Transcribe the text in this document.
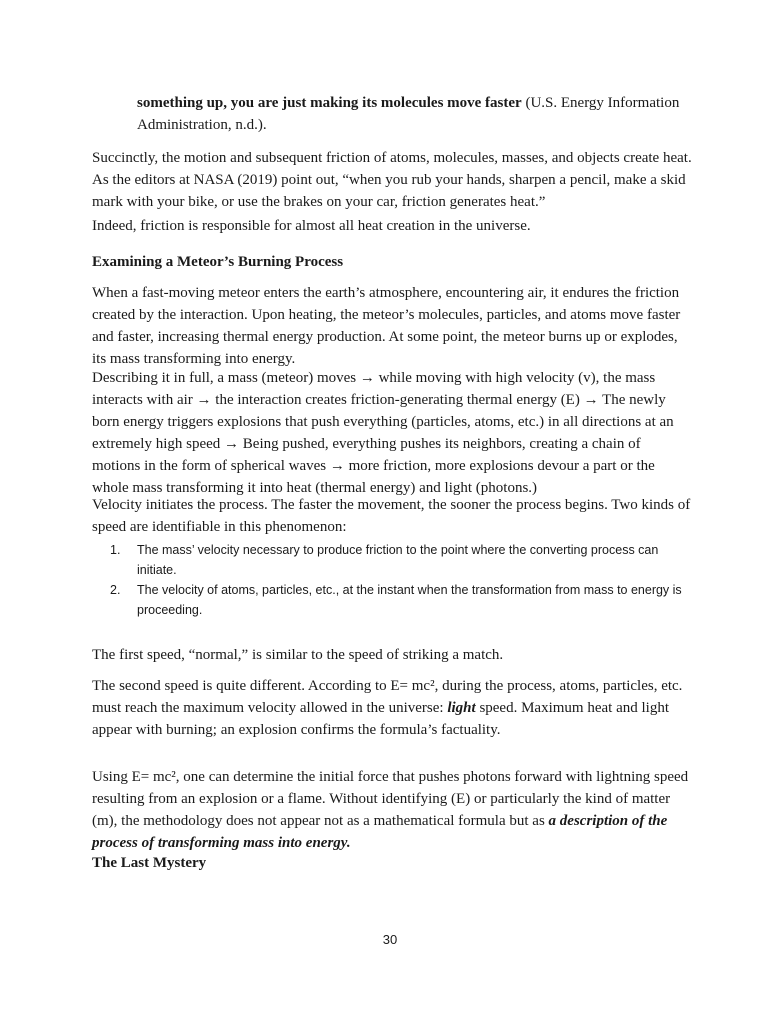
something up, you are just making its molecules move faster (U.S. Energy Information Administration, n.d.).

Succinctly, the motion and subsequent friction of atoms, molecules, masses, and objects create heat. As the editors at NASA (2019) point out, “when you rub your hands, sharpen a pencil, make a skid mark with your bike, or use the brakes on your car, friction generates heat.”

Indeed, friction is responsible for almost all heat creation in the universe.

Examining a Meteor’s Burning Process

When a fast-moving meteor enters the earth’s atmosphere, encountering air, it endures the friction created by the interaction. Upon heating, the meteor’s molecules, particles, and atoms move faster and faster, increasing thermal energy production. At some point, the meteor burns up or explodes, its mass transforming into energy.

Describing it in full, a mass (meteor) moves → while moving with high velocity (v), the mass interacts with air → the interaction creates friction-generating thermal energy (E) → The newly born energy triggers explosions that push everything (particles, atoms, etc.) in all directions at an extremely high speed → Being pushed, everything pushes its neighbors, creating a chain of motions in the form of spherical waves → more friction, more explosions devour a part or the whole mass transforming it into heat (thermal energy) and light (photons.)

Velocity initiates the process. The faster the movement, the sooner the process begins. Two kinds of speed are identifiable in this phenomenon:

1. The mass’ velocity necessary to produce friction to the point where the converting process can initiate.
2. The velocity of atoms, particles, etc., at the instant when the transformation from mass to energy is proceeding.

The first speed, “normal,” is similar to the speed of striking a match.

The second speed is quite different. According to E= mc², during the process, atoms, particles, etc. must reach the maximum velocity allowed in the universe: light speed. Maximum heat and light appear with burning; an explosion confirms the formula’s factuality.

Using E= mc², one can determine the initial force that pushes photons forward with lightning speed resulting from an explosion or a flame. Without identifying (E) or particularly the kind of matter (m), the methodology does not appear not as a mathematical formula but as a description of the process of transforming mass into energy.

The Last Mystery

30
